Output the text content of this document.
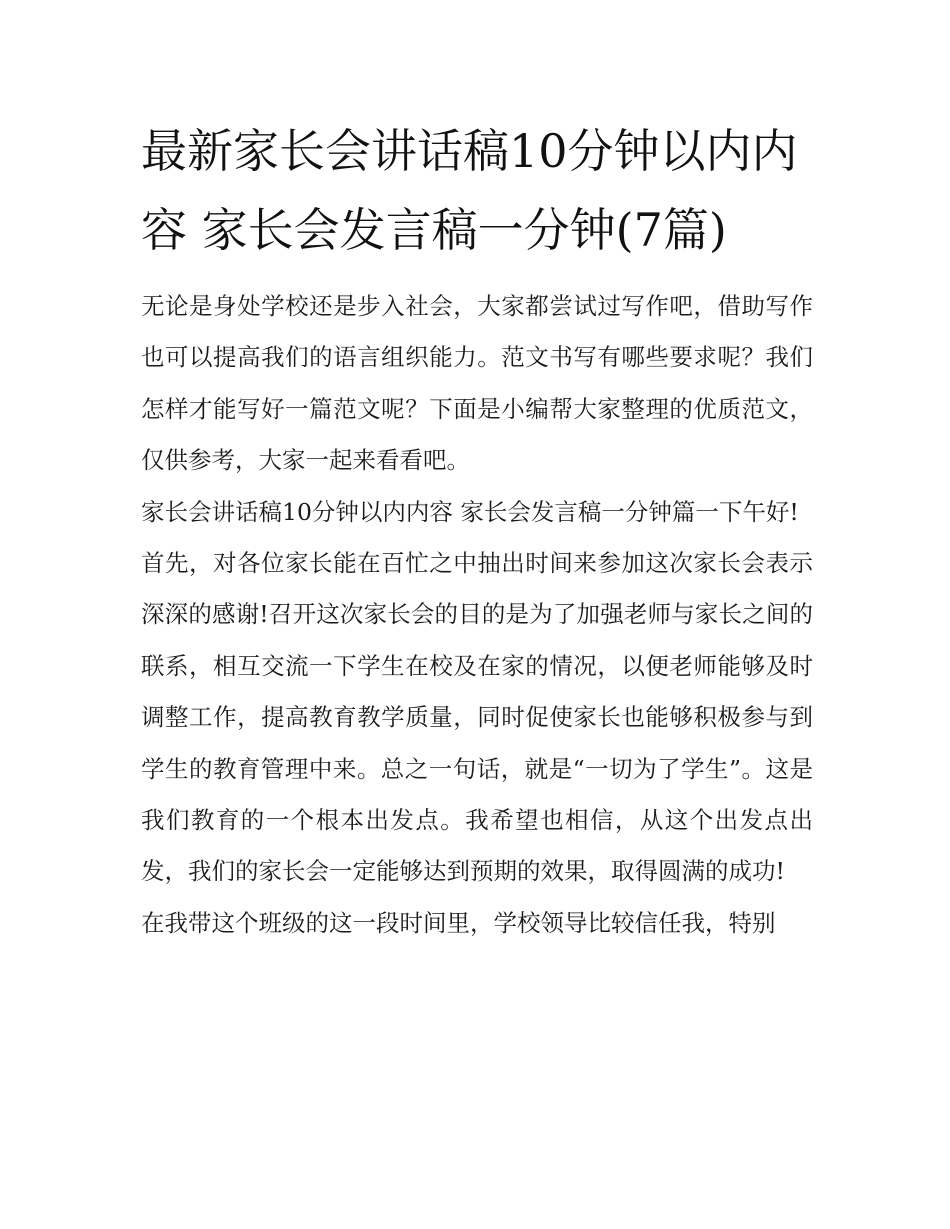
最新家长会讲话稿10分钟以内内容 家长会发言稿一分钟(7篇)

无论是身处学校还是步入社会，大家都尝试过写作吧，借助写作也可以提高我们的语言组织能力。范文书写有哪些要求呢？我们怎样才能写好一篇范文呢？下面是小编帮大家整理的优质范文，仅供参考，大家一起来看看吧。

家长会讲话稿10分钟以内内容 家长会发言稿一分钟篇一下午好!

首先，对各位家长能在百忙之中抽出时间来参加这次家长会表示深深的感谢!召开这次家长会的目的是为了加强老师与家长之间的联系，相互交流一下学生在校及在家的情况，以便老师能够及时调整工作，提高教育教学质量，同时促使家长也能够积极参与到学生的教育管理中来。总之一句话，就是“一切为了学生”。这是我们教育的一个根本出发点。我希望也相信，从这个出发点出发，我们的家长会一定能够达到预期的效果，取得圆满的成功!

在我带这个班级的这一段时间里，学校领导比较信任我，特别
